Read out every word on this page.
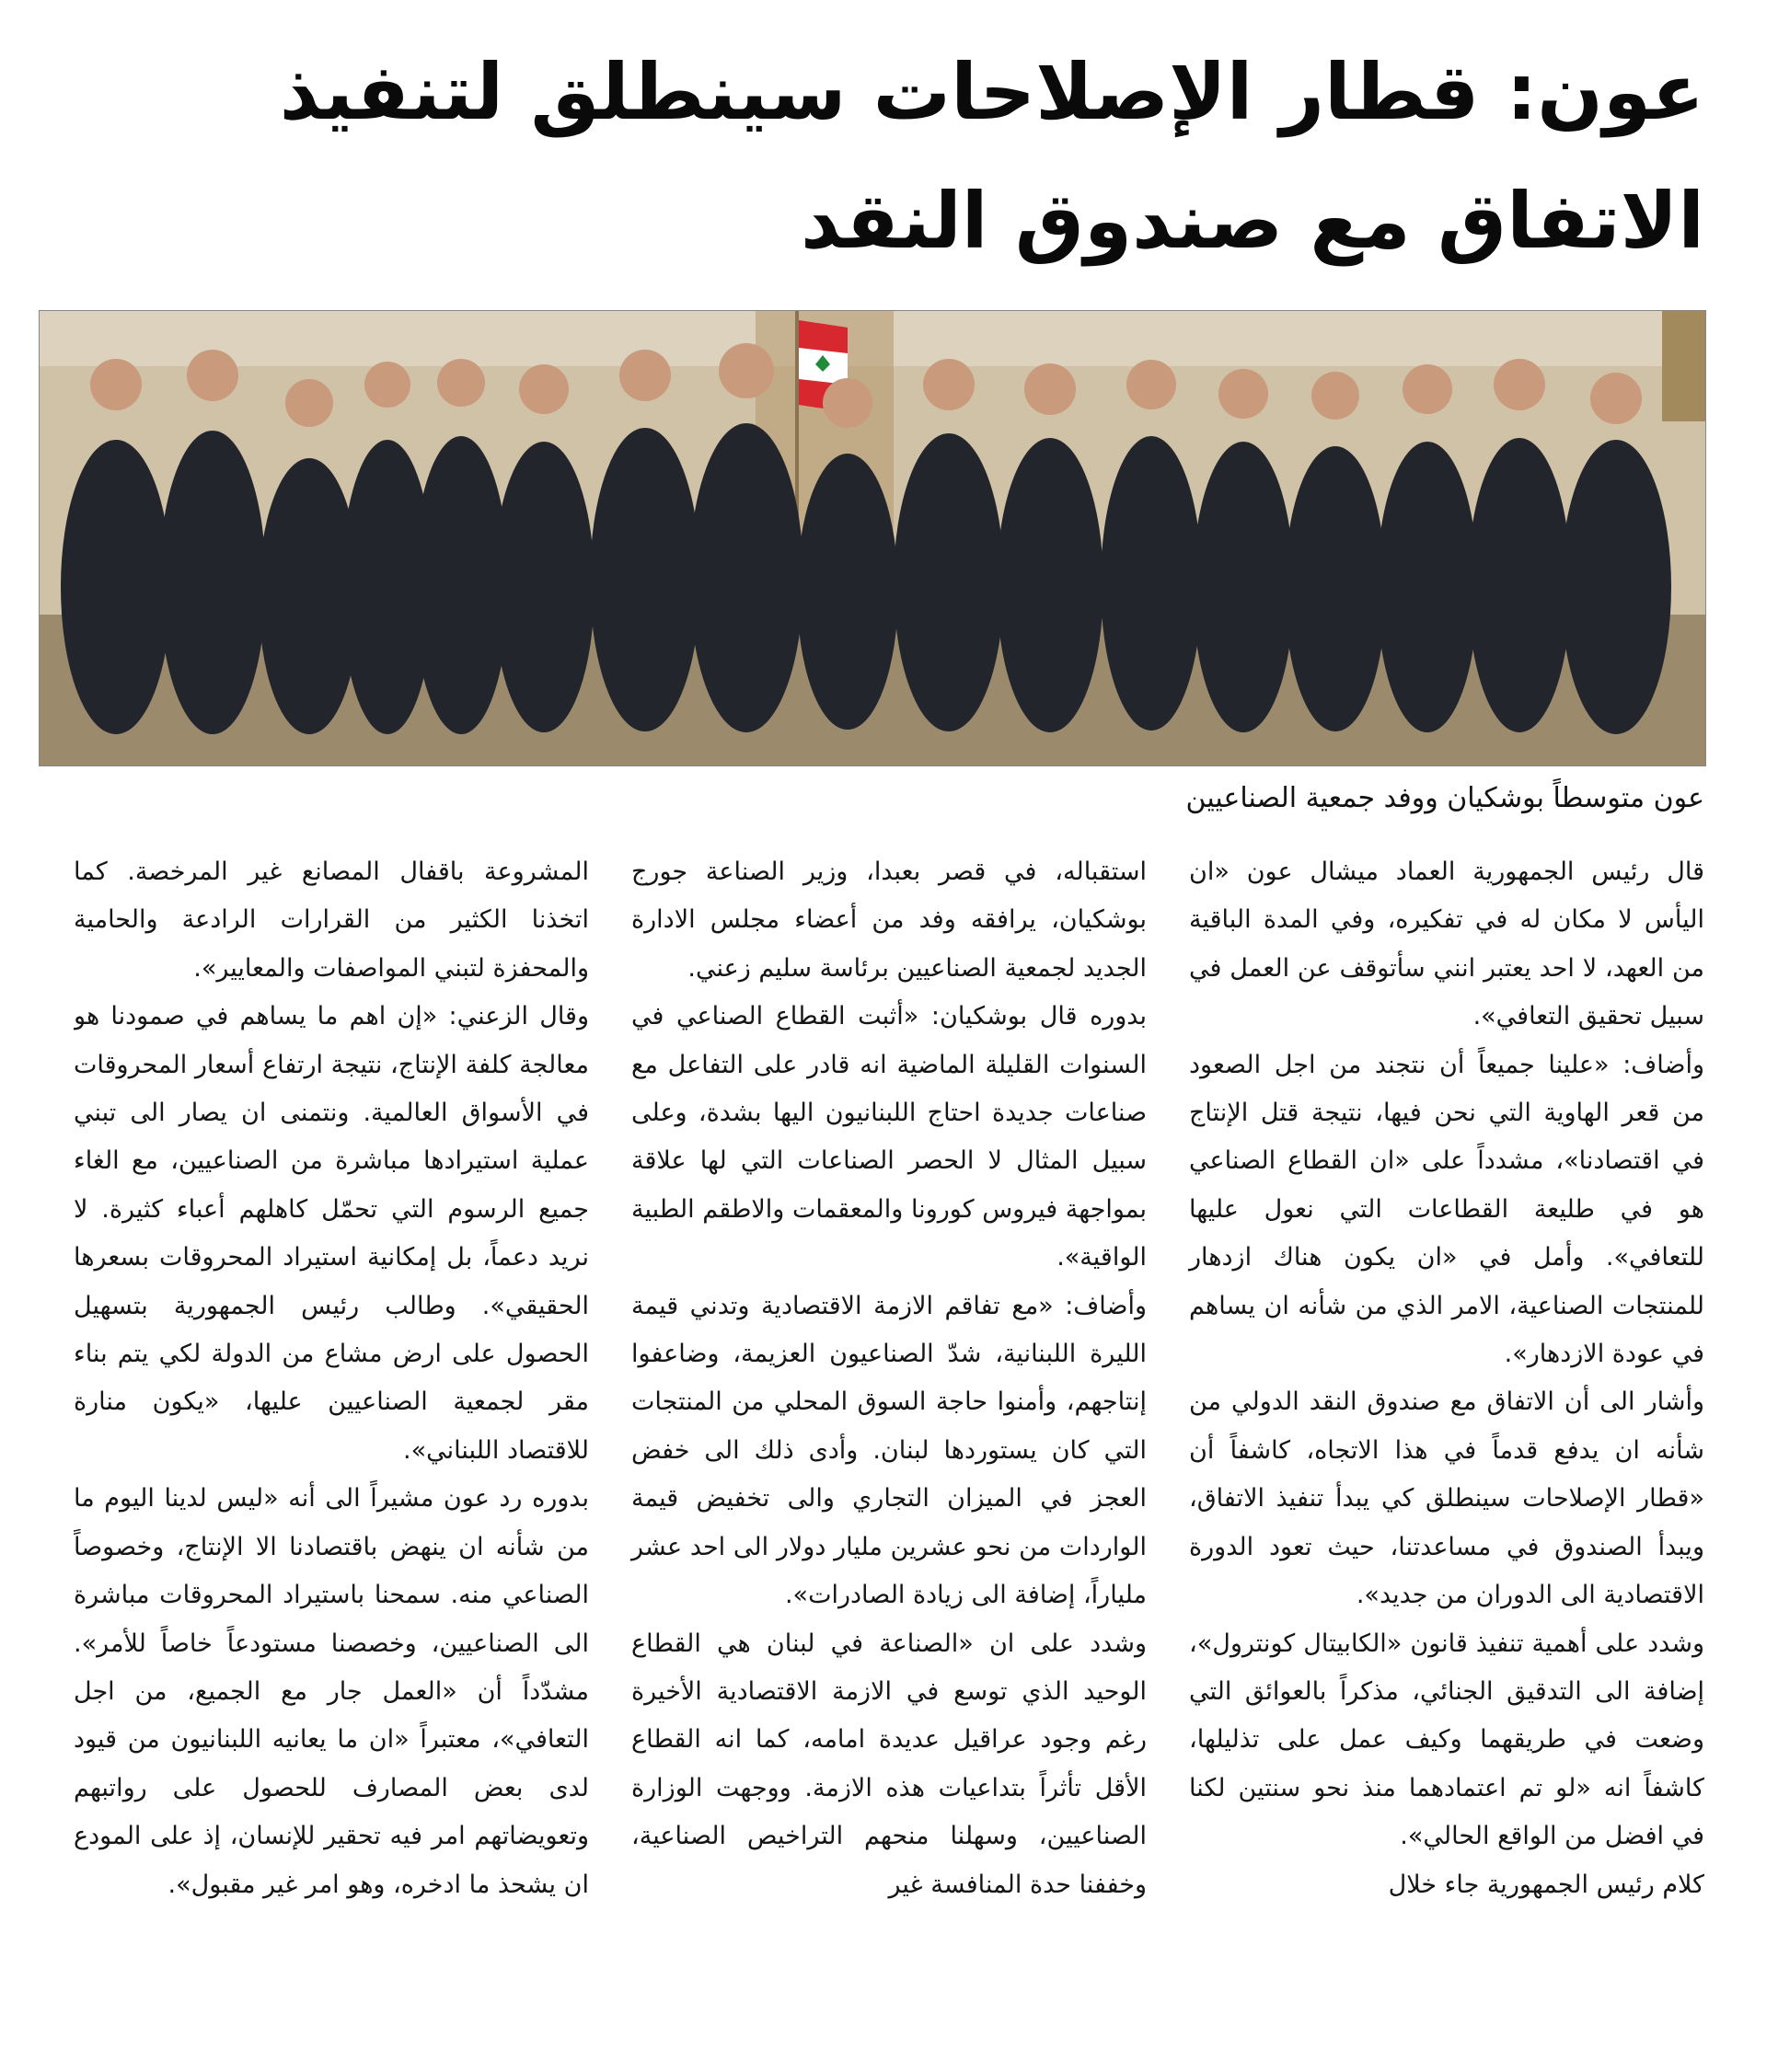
عون: قطار الإصلاحات سينطلق لتنفيذ
الاتفاق مع صندوق النقد

عون متوسطاً بوشكيان ووفد جمعية الصناعيين

قال رئيس الجمهورية العماد ميشال عون «ان اليأس لا مكان له في تفكيره، وفي المدة الباقية من العهد، لا احد يعتبر انني سأتوقف عن العمل في سبيل تحقيق التعافي».

وأضاف: «علينا جميعاً أن نتجند من اجل الصعود من قعر الهاوية التي نحن فيها، نتيجة قتل الإنتاج في اقتصادنا»، مشدداً على «ان القطاع الصناعي هو في طليعة القطاعات التي نعول عليها للتعافي». وأمل في «ان يكون هناك ازدهار للمنتجات الصناعية، الامر الذي من شأنه ان يساهم في عودة الازدهار».

وأشار الى أن الاتفاق مع صندوق النقد الدولي من شأنه ان يدفع قدماً في هذا الاتجاه، كاشفاً أن «قطار الإصلاحات سينطلق كي يبدأ تنفيذ الاتفاق، ويبدأ الصندوق في مساعدتنا، حيث تعود الدورة الاقتصادية الى الدوران من جديد».

وشدد على أهمية تنفيذ قانون «الكابيتال كونترول»، إضافة الى التدقيق الجنائي، مذكراً بالعوائق التي وضعت في طريقهما وكيف عمل على تذليلها، كاشفاً انه «لو تم اعتمادهما منذ نحو سنتين لكنا في افضل من الواقع الحالي».

كلام رئيس الجمهورية جاء خلال

استقباله، في قصر بعبدا، وزير الصناعة جورج بوشكيان، يرافقه وفد من أعضاء مجلس الادارة الجديد لجمعية الصناعيين برئاسة سليم زعني.

بدوره قال بوشكيان: «أثبت القطاع الصناعي في السنوات القليلة الماضية انه قادر على التفاعل مع صناعات جديدة احتاج اللبنانيون اليها بشدة، وعلى سبيل المثال لا الحصر الصناعات التي لها علاقة بمواجهة فيروس كورونا والمعقمات والاطقم الطبية الواقية».

وأضاف: «مع تفاقم الازمة الاقتصادية وتدني قيمة الليرة اللبنانية، شدّ الصناعيون العزيمة، وضاعفوا إنتاجهم، وأمنوا حاجة السوق المحلي من المنتجات التي كان يستوردها لبنان. وأدى ذلك الى خفض العجز في الميزان التجاري والى تخفيض قيمة الواردات من نحو عشرين مليار دولار الى احد عشر ملياراً، إضافة الى زيادة الصادرات».

وشدد على ان «الصناعة في لبنان هي القطاع الوحيد الذي توسع في الازمة الاقتصادية الأخيرة رغم وجود عراقيل عديدة امامه، كما انه القطاع الأقل تأثراً بتداعيات هذه الازمة. ووجهت الوزارة الصناعيين، وسهلنا منحهم التراخيص الصناعية، وخففنا حدة المنافسة غير

المشروعة باقفال المصانع غير المرخصة. كما اتخذنا الكثير من القرارات الرادعة والحامية والمحفزة لتبني المواصفات والمعايير».

وقال الزعني: «إن اهم ما يساهم في صمودنا هو معالجة كلفة الإنتاج، نتيجة ارتفاع أسعار المحروقات في الأسواق العالمية. ونتمنى ان يصار الى تبني عملية استيرادها مباشرة من الصناعيين، مع الغاء جميع الرسوم التي تحمّل كاهلهم أعباء كثيرة. لا نريد دعماً، بل إمكانية استيراد المحروقات بسعرها الحقيقي». وطالب رئيس الجمهورية بتسهيل الحصول على ارض مشاع من الدولة لكي يتم بناء مقر لجمعية الصناعيين عليها، «يكون منارة للاقتصاد اللبناني».

بدوره رد عون مشيراً الى أنه «ليس لدينا اليوم ما من شأنه ان ينهض باقتصادنا الا الإنتاج، وخصوصاً الصناعي منه. سمحنا باستيراد المحروقات مباشرة الى الصناعيين، وخصصنا مستودعاً خاصاً للأمر». مشدّداً أن «العمل جار مع الجميع، من اجل التعافي»، معتبراً «ان ما يعانيه اللبنانيون من قيود لدى بعض المصارف للحصول على رواتبهم وتعويضاتهم امر فيه تحقير للإنسان، إذ على المودع ان يشحذ ما ادخره، وهو امر غير مقبول».
